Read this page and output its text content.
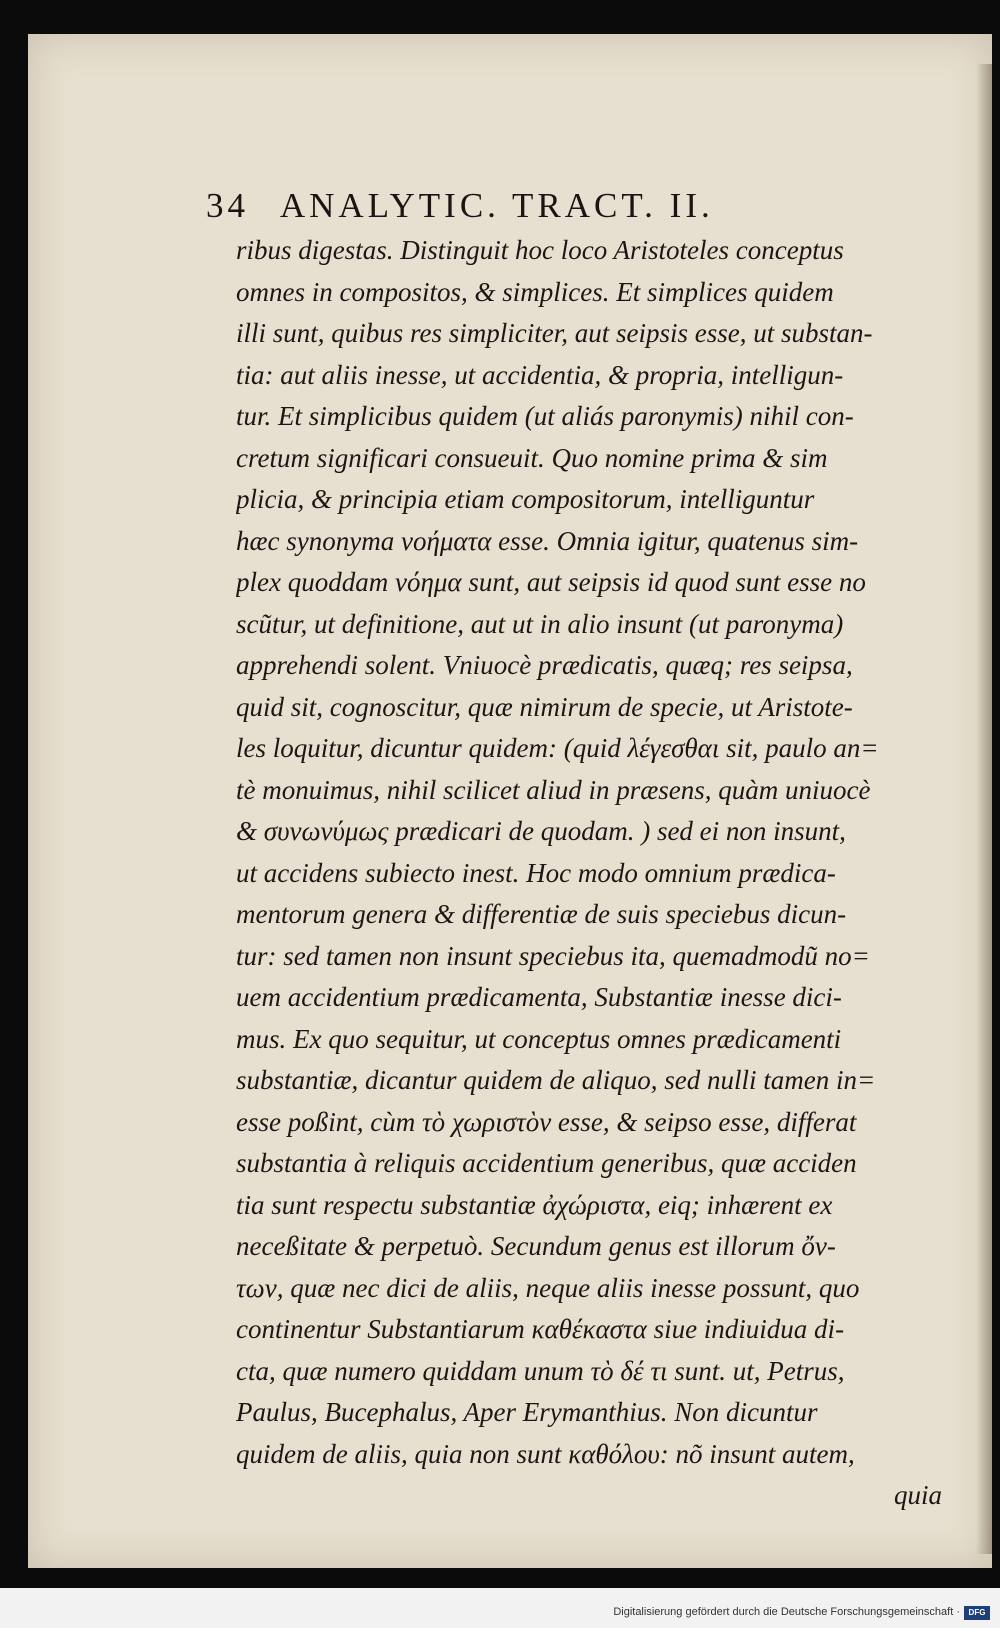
34 ANALYTIC. TRACT. II.
ribus digestas. Distinguit hoc loco Aristoteles conceptus
omnes in compositos, & simplices. Et simplices quidem
illi sunt, quibus res simpliciter, aut seipsis esse, ut substan-
tia: aut aliis inesse, ut accidentia, & propria, intelligun-
tur. Et simplicibus quidem (ut aliás paronymis) nihil con-
cretum significari consueuit. Quo nomine prima & sim
plicia, & principia etiam compositorum, intelliguntur
hæc synonyma νοήματα esse. Omnia igitur, quatenus sim-
plex quoddam νόημα sunt, aut seipsis id quod sunt esse no
scũtur, ut definitione, aut ut in alio insunt (ut paronyma)
apprehendi solent. Vniuocè prædicatis, quæq; res seipsa,
quid sit, cognoscitur, quæ nimirum de specie, ut Aristote-
les loquitur, dicuntur quidem: (quid λέγεσθαι sit, paulo an=
tè monuimus, nihil scilicet aliud in præsens, quàm uniuocè
& συνωνύμως prædicari de quodam. ) sed ei non insunt,
ut accidens subiecto inest. Hoc modo omnium prædica-
mentorum genera & differentiæ de suis speciebus dicun-
tur: sed tamen non insunt speciebus ita, quemadmodũ no=
uem accidentium prædicamenta, Substantiæ inesse dici-
mus. Ex quo sequitur, ut conceptus omnes prædicamenti
substantiæ, dicantur quidem de aliquo, sed nulli tamen in=
esse poßint, cùm τὸ χωριστὸν esse, & seipso esse, differat
substantia à reliquis accidentium generibus, quæ acciden
tia sunt respectu substantiæ ἀχώριστα, eiq; inhærent ex
neceßitate & perpetuò. Secundum genus est illorum ὄν-
των, quæ nec dici de aliis, neque aliis inesse possunt, quo
continentur Substantiarum καθέκαστα siue indiuidua di-
cta, quæ numero quiddam unum τὸ δέ τι sunt. ut, Petrus,
Paulus, Bucephalus, Aper Erymanthius. Non dicuntur
quidem de aliis, quia non sunt καθόλου: nõ insunt autem,
quia
Digitalisierung gefördert durch die Deutsche Forschungsgemeinschaft ·	DFG
